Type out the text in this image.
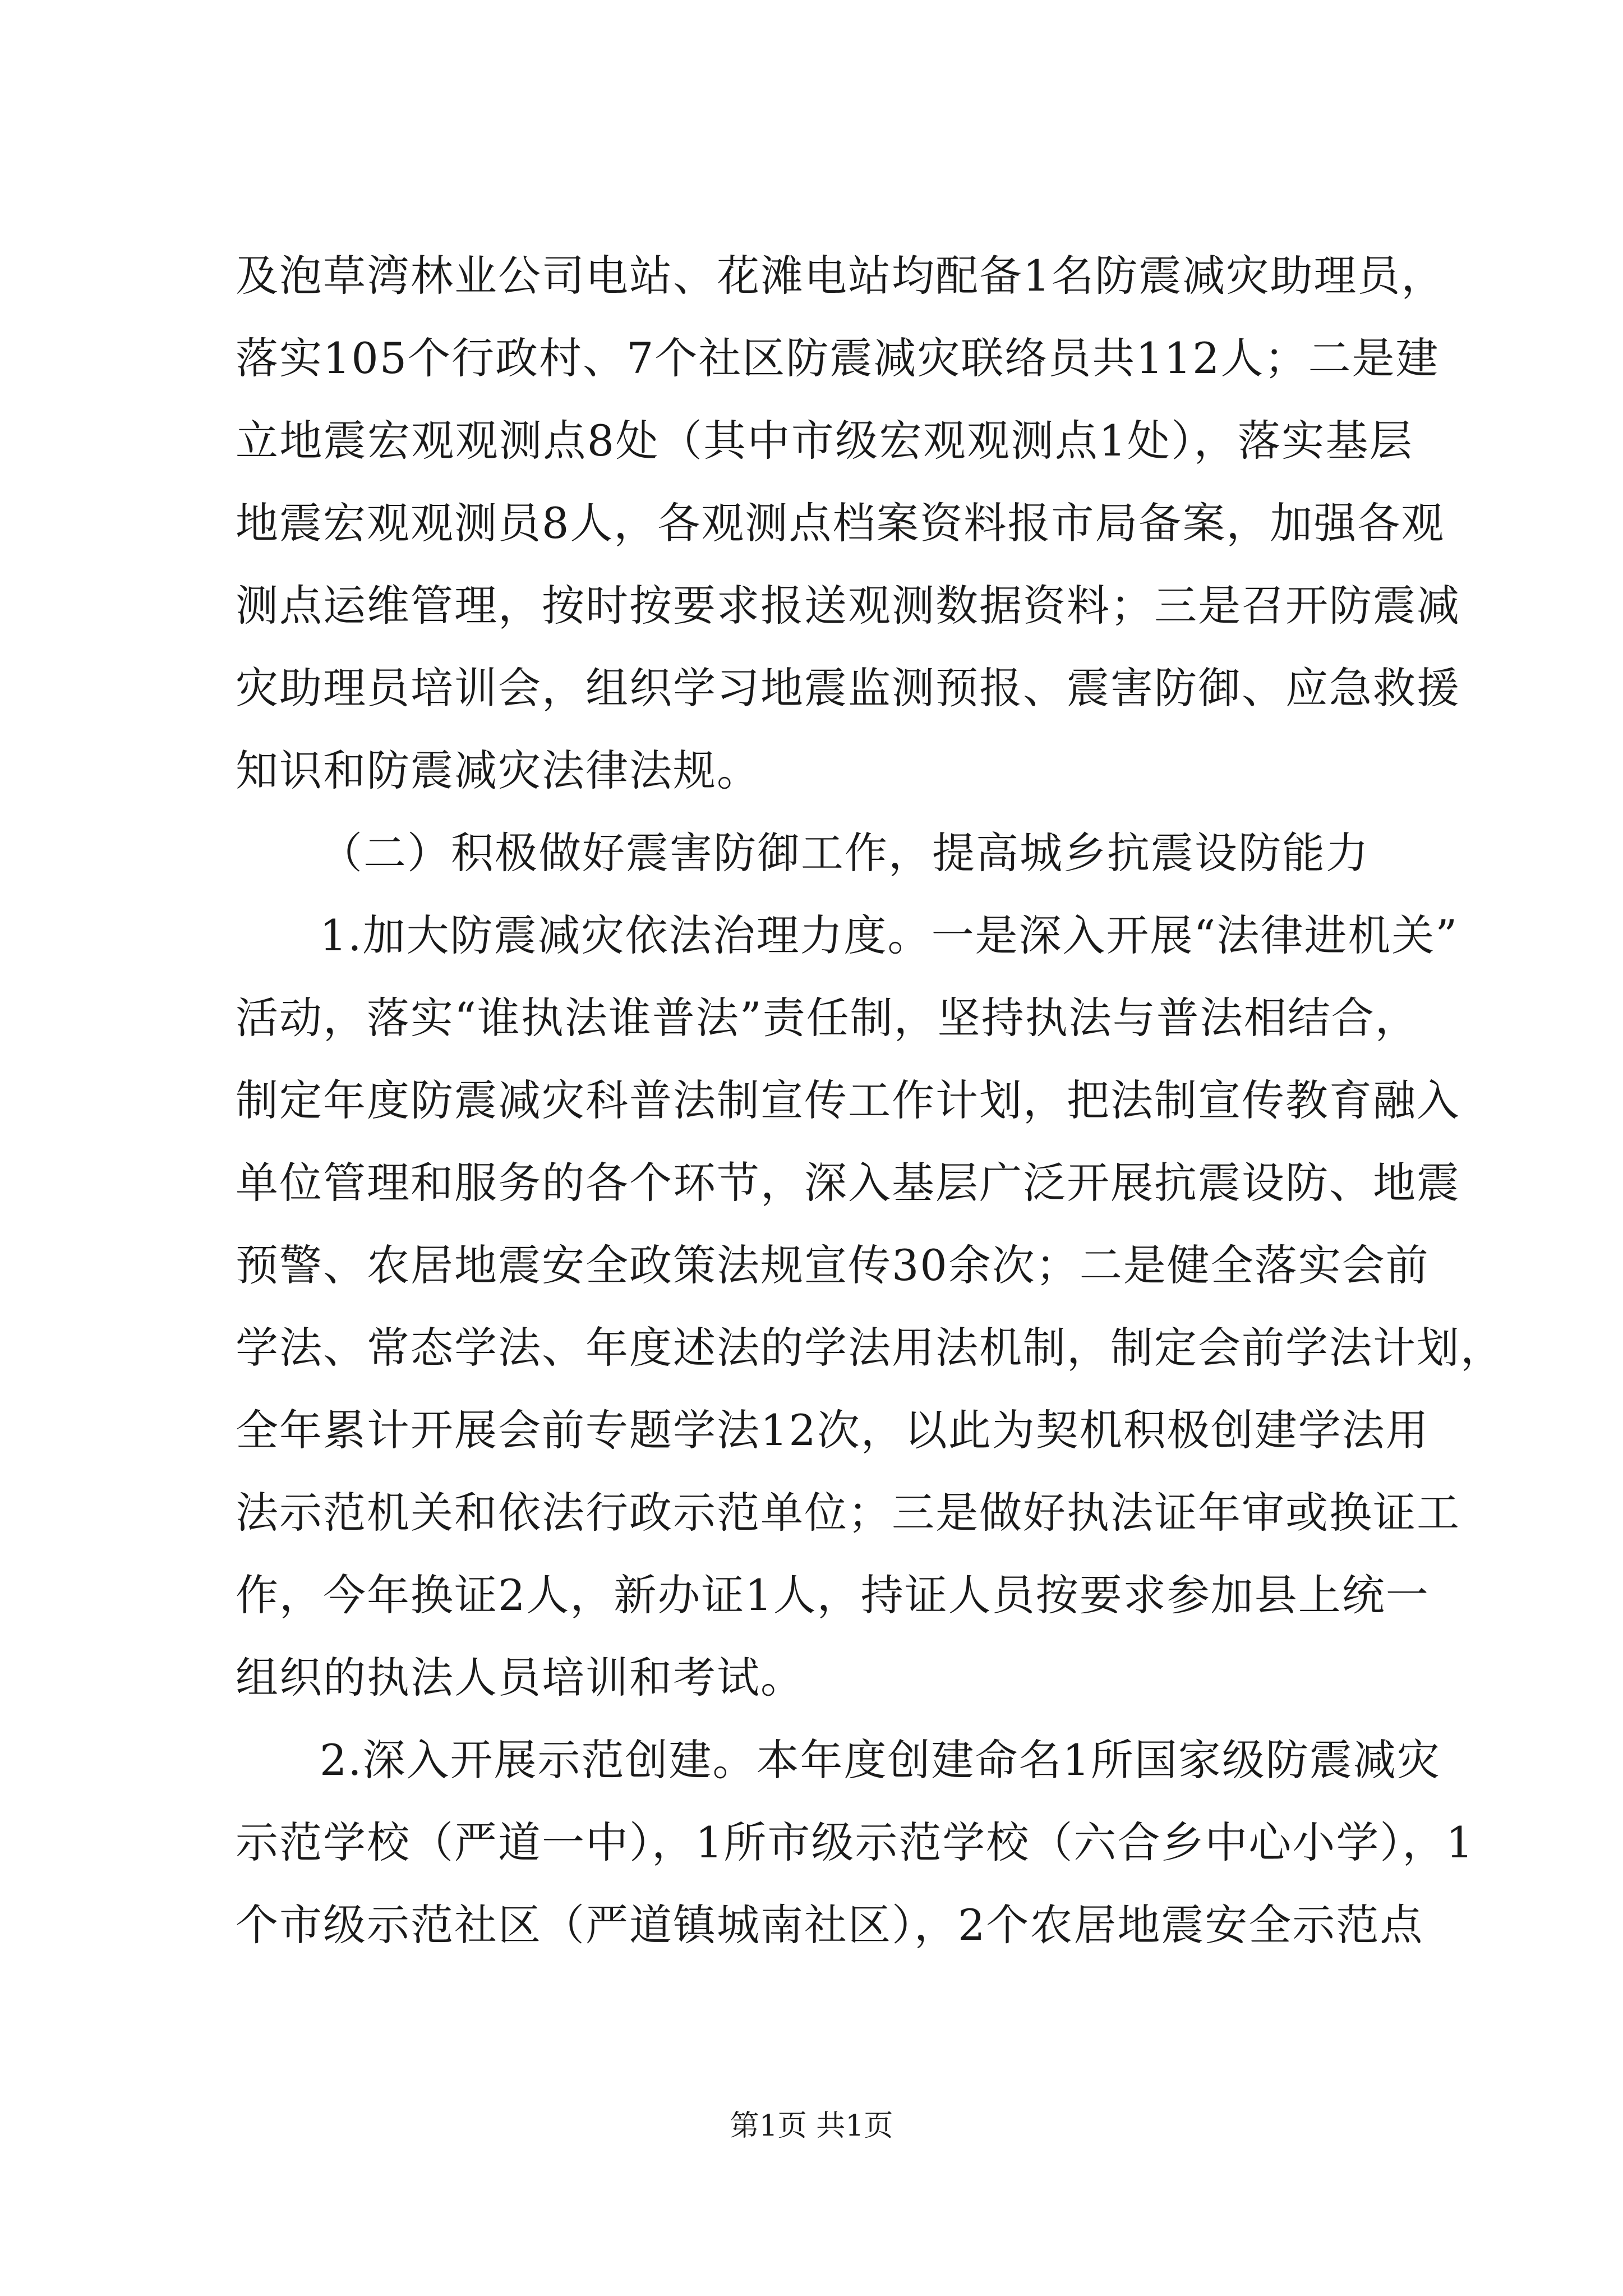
及泡草湾林业公司电站、花滩电站均配备1名防震减灾助理员，
落实105个行政村、7个社区防震减灾联络员共112人；二是建
立地震宏观观测点8处（其中市级宏观观测点1处），落实基层
地震宏观观测员8人，各观测点档案资料报市局备案，加强各观
测点运维管理，按时按要求报送观测数据资料；三是召开防震减
灾助理员培训会，组织学习地震监测预报、震害防御、应急救援
知识和防震减灾法律法规。
（二）积极做好震害防御工作，提高城乡抗震设防能力
1.加大防震减灾依法治理力度。一是深入开展“法律进机关”
活动，落实“谁执法谁普法”责任制，坚持执法与普法相结合，
制定年度防震减灾科普法制宣传工作计划，把法制宣传教育融入
单位管理和服务的各个环节，深入基层广泛开展抗震设防、地震
预警、农居地震安全政策法规宣传30余次；二是健全落实会前
学法、常态学法、年度述法的学法用法机制，制定会前学法计划，
全年累计开展会前专题学法12次，以此为契机积极创建学法用
法示范机关和依法行政示范单位；三是做好执法证年审或换证工
作，今年换证2人，新办证1人，持证人员按要求参加县上统一
组织的执法人员培训和考试。
2.深入开展示范创建。本年度创建命名1所国家级防震减灾
示范学校（严道一中），1所市级示范学校（六合乡中心小学），1
个市级示范社区（严道镇城南社区），2个农居地震安全示范点
第1页 共1页
